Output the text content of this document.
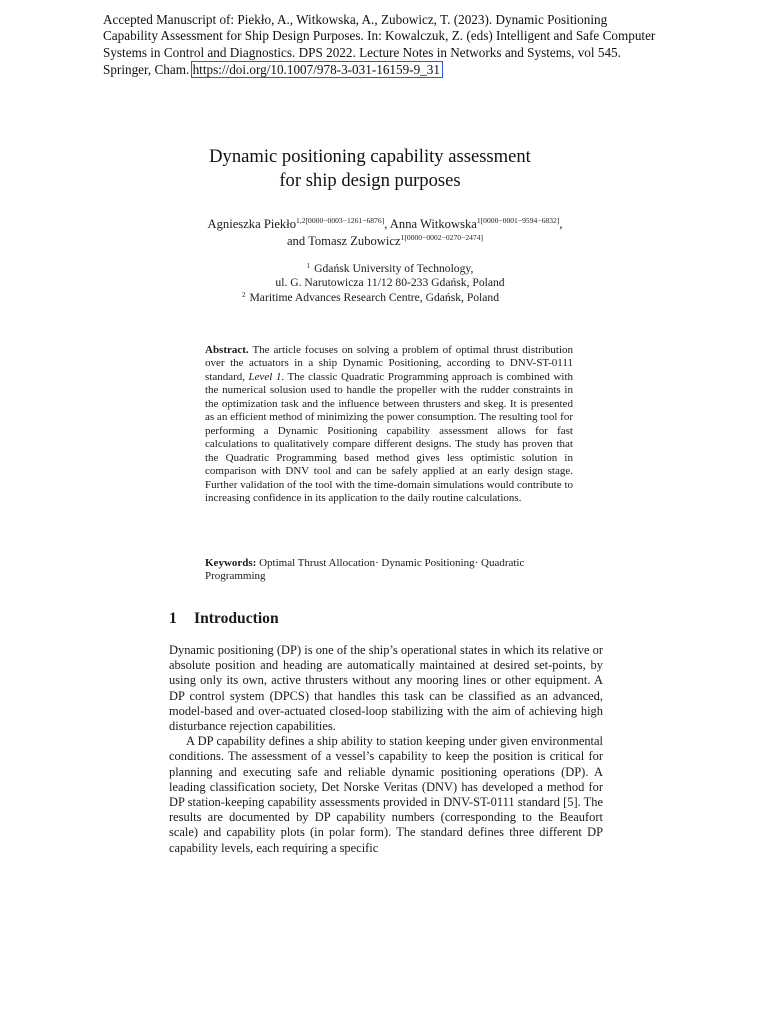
Accepted Manuscript of: Piekło, A., Witkowska, A., Zubowicz, T. (2023). Dynamic Positioning Capability Assessment for Ship Design Purposes. In: Kowalczuk, Z. (eds) Intelligent and Safe Computer Systems in Control and Diagnostics. DPS 2022. Lecture Notes in Networks and Systems, vol 545. Springer, Cham. https://doi.org/10.1007/978-3-031-16159-9_31
Dynamic positioning capability assessment
for ship design purposes
Agnieszka Piekło$^{1,2[0000-0003-1261-6876]}$, Anna Witkowska$^{1[0000-0001-9594-6832]}$,
and Tomasz Zubowicz$^{1[0000-0002-0270-2474]}$
$^1$ Gdańsk University of Technology,
ul. G. Narutowicza 11/12 80-233 Gdańsk, Poland
$^2$ Maritime Advances Research Centre, Gdańsk, Poland
Abstract. The article focuses on solving a problem of optimal thrust distribution over the actuators in a ship Dynamic Positioning, according to DNV-ST-0111 standard, Level 1. The classic Quadratic Programming approach is combined with the numerical solusion used to handle the propeller with the rudder constraints in the optimization task and the influence between thrusters and skeg. It is presented as an efficient method of minimizing the power consumption. The resulting tool for performing a Dynamic Positioning capability assessment allows for fast calculations to qualitatively compare different designs. The study has proven that the Quadratic Programming based method gives less optimistic solution in comparison with DNV tool and can be safely applied at an early design stage. Further validation of the tool with the time-domain simulations would contribute to increasing confidence in its application to the daily routine calculations.
Keywords: Optimal Thrust Allocation· Dynamic Positioning· Quadratic Programming
1 Introduction

Dynamic positioning (DP) is one of the ship’s operational states in which its relative or absolute position and heading are automatically maintained at desired set-points, by using only its own, active thrusters without any mooring lines or other equipment. A DP control system (DPCS) that handles this task can be classified as an advanced, model-based and over-actuated closed-loop stabilizing with the aim of achieving high disturbance rejection capabilities.

A DP capability defines a ship ability to station keeping under given environmental conditions. The assessment of a vessel’s capability to keep the position is critical for planning and executing safe and reliable dynamic positioning operations (DP). A leading classification society, Det Norske Veritas (DNV) has developed a method for DP station-keeping capability assessments provided in DNV-ST-0111 standard [5]. The results are documented by DP capability numbers (corresponding to the Beaufort scale) and capability plots (in polar form). The standard defines three different DP capability levels, each requiring a specific
